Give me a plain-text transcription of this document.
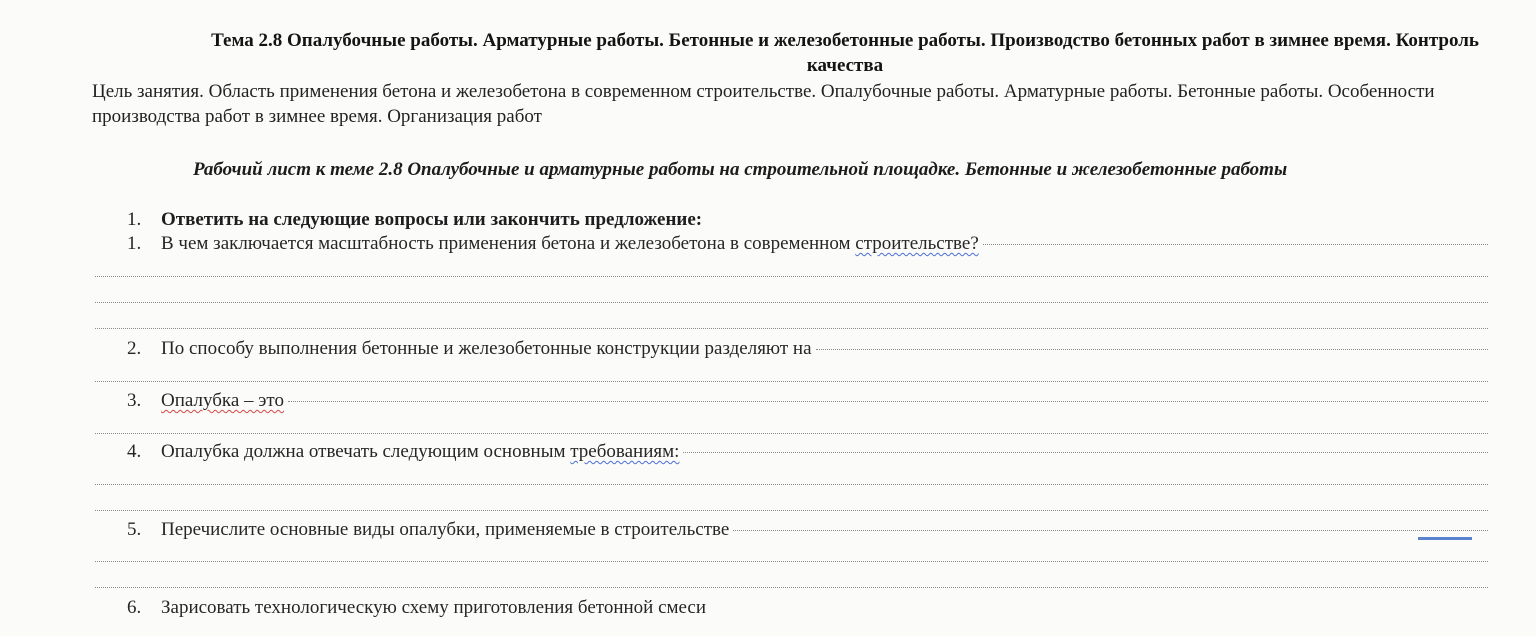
Тема 2.8 Опалубочные работы. Арматурные работы. Бетонные и железобетонные работы. Производство бетонных работ в зимнее время. Контроль качества
Цель занятия. Область применения бетона и железобетона в современном строительстве. Опалубочные работы. Арматурные работы. Бетонные работы. Особенности производства работ в зимнее время. Организация работ
Рабочий лист к теме 2.8 Опалубочные и арматурные работы на строительной площадке. Бетонные и железобетонные работы
1. Ответить на следующие вопросы или закончить предложение:
1.	В чем заключается масштабность применения бетона и железобетона в современном строительстве?
2.	По способу выполнения бетонные и железобетонные конструкции разделяют на
3.	Опалубка – это
4.	Опалубка должна отвечать следующим основным требованиям:
5.	Перечислите основные виды опалубки, применяемые в строительстве
6.	Зарисовать технологическую схему приготовления бетонной смеси
